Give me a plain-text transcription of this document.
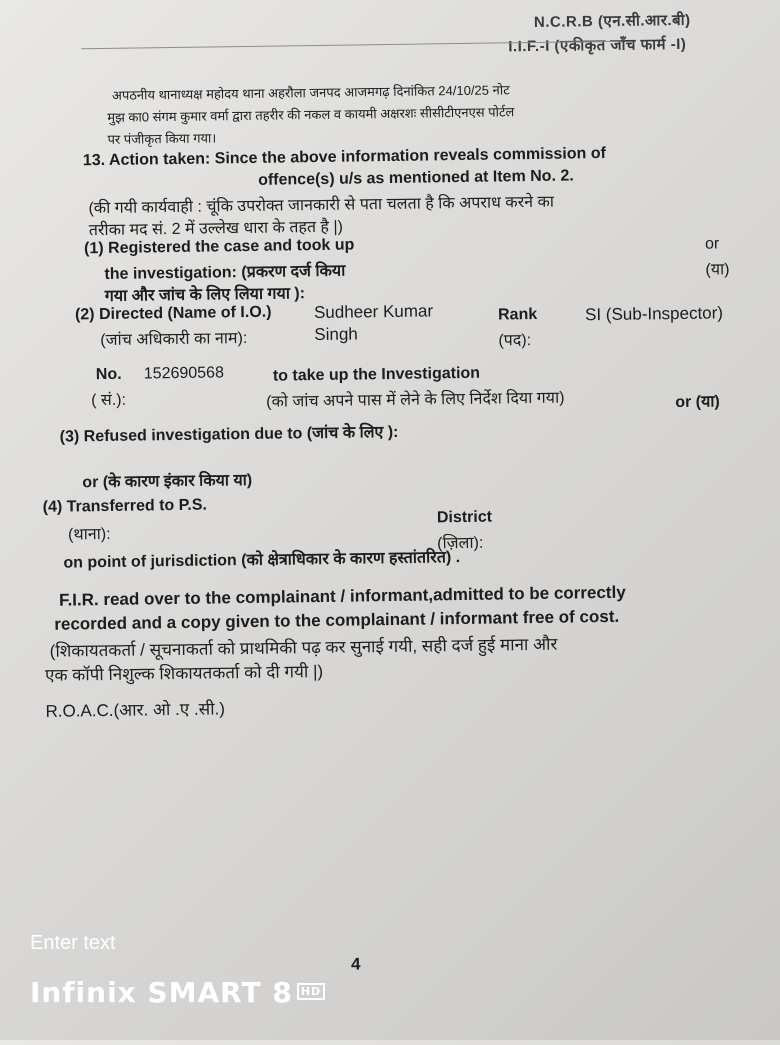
N.C.R.B (एन.सी.आर.बी)
I.I.F.-I (एकीकृत जाँच फार्म -I)
अपठनीय थानाध्यक्ष महोदय थाना अहरौला जनपद आजमगढ़ दिनांकित 24/10/25 नोट
मुझ का0 संगम कुमार वर्मा द्वारा तहरीर की नकल व कायमी अक्षरशः सीसीटीएनएस पोर्टल
पर पंजीकृत किया गया।
13. Action taken: Since the above information reveals commission of
offence(s) u/s as mentioned at Item No. 2.
(की गयी कार्यवाही : चूंकि उपरोक्त जानकारी से पता चलता है कि अपराध करने का
तरीका मद सं. 2 में उल्लेख धारा के तहत है |)
(1) Registered the case and took up
the investigation: (प्रकरण दर्ज किया
गया और जांच के लिए लिया गया ):
or
(या)
(2) Directed (Name of I.O.)
(जांच अधिकारी का नाम):
Sudheer Kumar
Singh
Rank
(पद):
SI (Sub-Inspector)
No.
( सं.):
152690568	to take up the Investigation
(को जांच अपने पास में लेने के लिए निर्देश दिया गया)	or (या)
(3) Refused investigation due to (जांच के लिए ):
or (के कारण इंकार किया या)
(4) Transferred to P.S.
(थाना):
District
(ज़िला):
on point of jurisdiction (को क्षेत्राधिकार के कारण हस्तांतरित) .
F.I.R. read over to the complainant / informant,admitted to be correctly
recorded and a copy given to the complainant / informant free of cost.
(शिकायतकर्ता / सूचनाकर्ता को प्राथमिकी पढ़ कर सुनाई गयी, सही दर्ज हुई माना और
एक कॉपी निशुल्क शिकायतकर्ता को दी गयी |)
R.O.A.C.(आर. ओ .ए .सी.)
4
Enter text
Infinix SMART 8 HD
